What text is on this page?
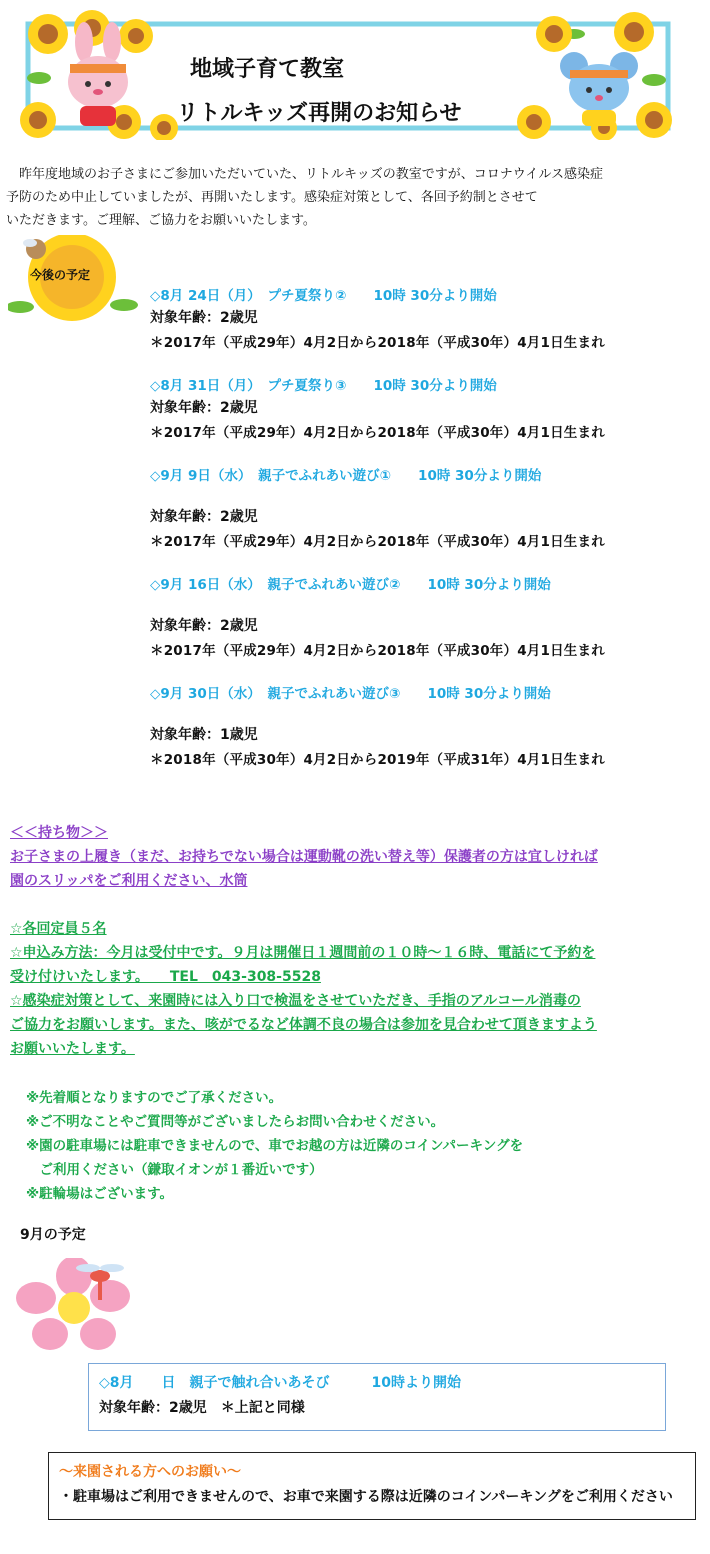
地域子育て教室
リトルキッズ再開のお知らせ
　昨年度地域のお子さまにご参加いただいていた、リトルキッズの教室ですが、コロナウイルス感染症
予防のため中止していましたが、再開いたします。感染症対策として、各回予約制とさせて
いただきます。ご理解、ご協力をお願いいたします。
今後の予定
◇8月 24日（月）　プチ夏祭り②　　10時 30分より開始
対象年齢：2歳児
＊2017年（平成29年）4月2日から2018年（平成30年）4月1日生まれ
◇8月 31日（月）　プチ夏祭り③　　10時 30分より開始
対象年齢：2歳児
＊2017年（平成29年）4月2日から2018年（平成30年）4月1日生まれ
◇9月 9日（水）　親子でふれあい遊び①　　10時 30分より開始
対象年齢：2歳児
＊2017年（平成29年）4月2日から2018年（平成30年）4月1日生まれ
◇9月 16日（水）　親子でふれあい遊び②　　10時 30分より開始
対象年齢：2歳児
＊2017年（平成29年）4月2日から2018年（平成30年）4月1日生まれ
◇9月 30日（水）　親子でふれあい遊び③　　10時 30分より開始
対象年齢：1歳児
＊2018年（平成30年）4月2日から2019年（平成31年）4月1日生まれ
＜＜持ち物＞＞
お子さまの上履き（まだ、お持ちでない場合は運動靴の洗い替え等）保護者の方は宜しければ
園のスリッパをご利用ください、水筒
☆各回定員５名
☆申込み方法：今月は受付中です。９月は開催日１週間前の１０時～１６時、電話にて予約を
受け付けいたします。　　TEL　043-308-5528
☆感染症対策として、来園時には入り口で検温をさせていただき、手指のアルコール消毒の
ご協力をお願いします。また、咳がでるなど体調不良の場合は参加を見合わせて頂きますよう
お願いいたします。
※先着順となりますのでご了承ください。
※ご不明なことやご質問等がございましたらお問い合わせください。
※園の駐車場には駐車できませんので、車でお越の方は近隣のコインパーキングを
　ご利用ください（鎌取イオンが１番近いです）
※駐輪場はございます。
9月の予定
◇8月　　日　親子で触れ合いあそび　　　10時より開始
対象年齢：2歳児　＊上記と同様
～来園される方へのお願い～
・駐車場はご利用できませんので、お車で来園する際は近隣のコインパーキングをご利用ください
